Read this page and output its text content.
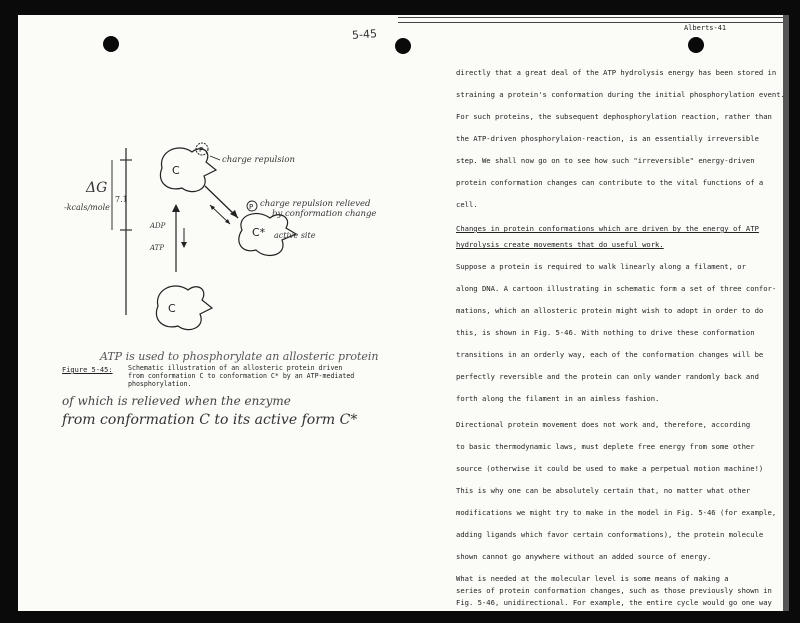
5-45	Alberts-41
ΔG
-kcals/mole
7.1
C
P
charge repulsion
C*
P charge repulsion relieved
by conformation change
active site
ADP
ATP
C
ATP is used to phosphorylate an allosteric protein
Figure 5-45: Schematic illustration of an allosteric protein driven
from conformation C to conformation C* by an ATP-mediated
phosphorylation.
of which is relieved when the enzyme
from conformation C to its active form C*
directly that a great deal of the ATP hydrolysis energy has been stored in
straining a protein's conformation during the initial phosphorylation event.
For such proteins, the subsequent dephosphorylation reaction, rather than
the ATP-driven phosphorylaion-reaction, is an essentially irreversible
step. We shall now go on to see how such "irreversible" energy-driven
protein conformation changes can contribute to the vital functions of a
cell.
Changes in protein conformations which are driven by the energy of ATP
hydrolysis create movements that do useful work.
Suppose a protein is required to walk linearly along a filament, or
along DNA. A cartoon illustrating in schematic form a set of three confor-
mations, which an allosteric protein might wish to adopt in order to do
this, is shown in Fig. 5-46. With nothing to drive these conformation
transitions in an orderly way, each of the conformation changes will be
perfectly reversible and the protein can only wander randomly back and
forth along the filament in an aimless fashion.
Directional protein movement does not work and, therefore, according
to basic thermodynamic laws, must deplete free energy from some other
source (otherwise it could be used to make a perpetual motion machine!)
This is why one can be absolutely certain that, no matter what other
modifications we might try to make in the model in Fig. 5-46 (for example,
adding ligands which favor certain conformations), the protein molecule
shown cannot go anywhere without an added source of energy.
What is needed at the molecular level is some means of making a
series of protein conformation changes, such as those previously shown in
Fig. 5-46, unidirectional. For example, the entire cycle would go one way
